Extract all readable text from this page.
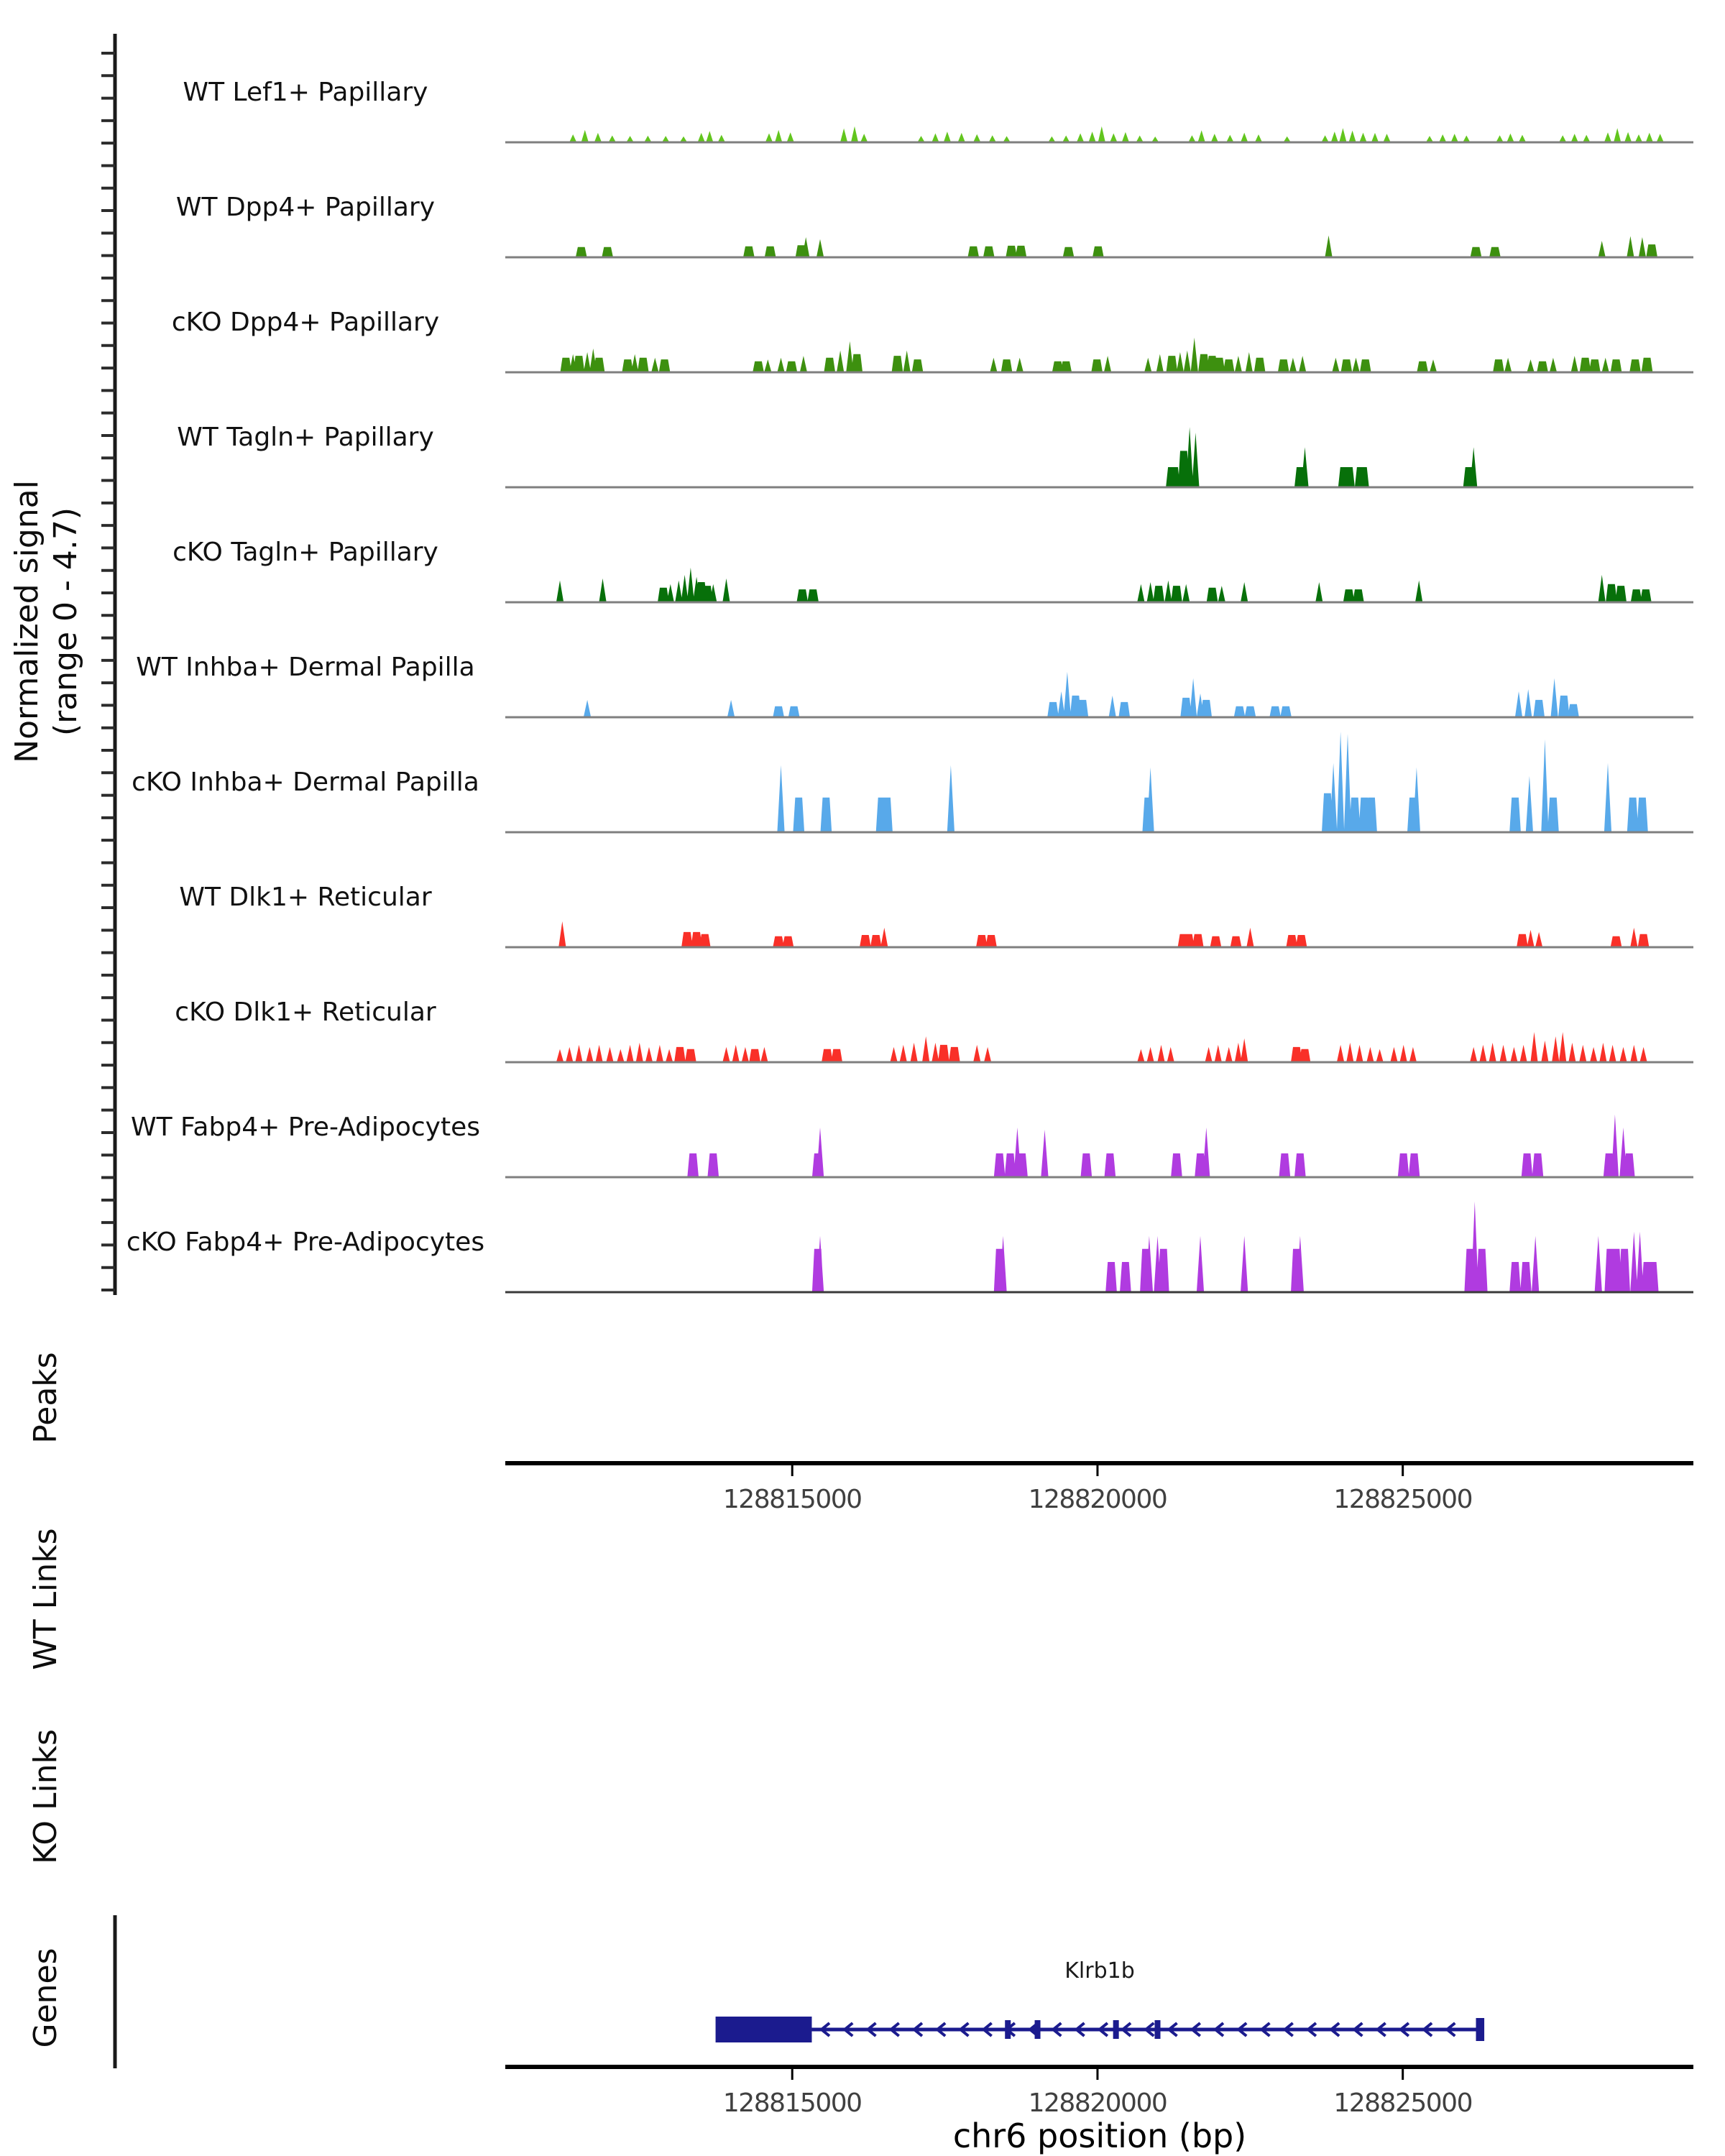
Normalized signal (range 0 - 4.7)
Peaks
WT Links
KO Links
Genes
WT Lef1+ Papillary
WT Dpp4+ Papillary
cKO Dpp4+ Papillary
WT Tagln+ Papillary
cKO Tagln+ Papillary
WT Inhba+ Dermal Papilla
cKO Inhba+ Dermal Papilla
WT Dlk1+ Reticular
cKO Dlk1+ Reticular
WT Fabp4+ Pre-Adipocytes
cKO Fabp4+ Pre-Adipocytes
128815000	128820000	128825000
128815000	128820000	128825000
Klrb1b
chr6 position (bp)
